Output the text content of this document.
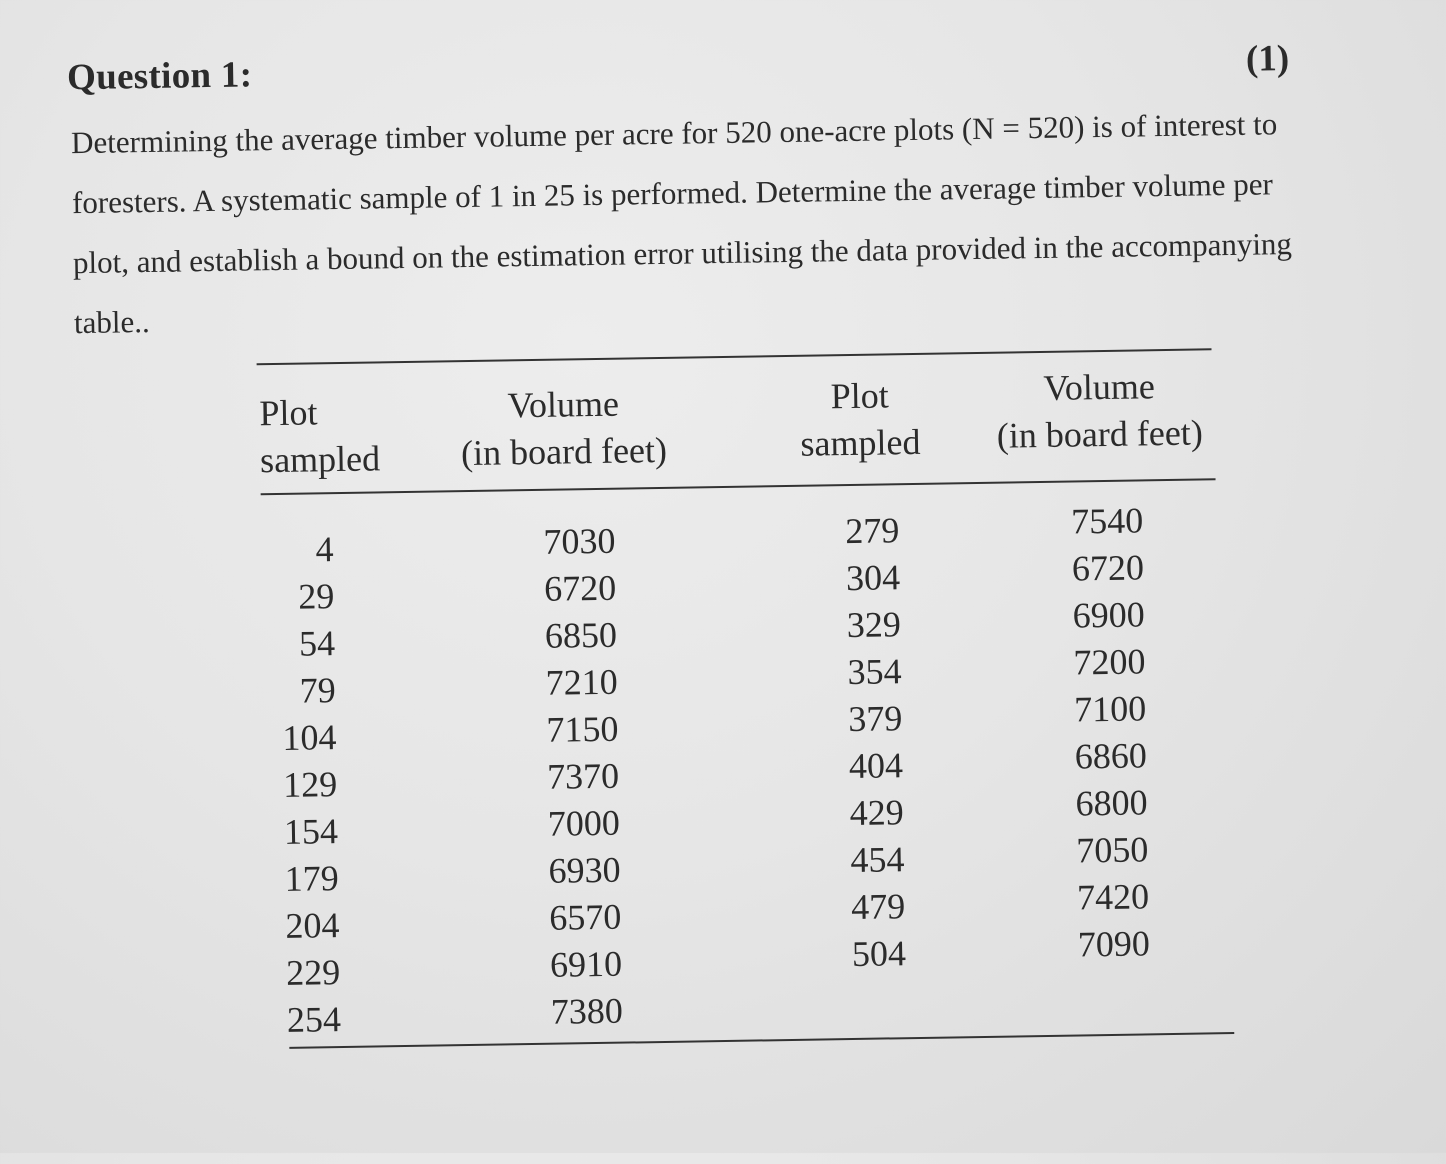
Question 1:	(1)

Determining the average timber volume per acre for 520 one-acre plots (N = 520) is of interest to
foresters. A systematic sample of 1 in 25 is performed. Determine the average timber volume per
plot, and establish a bound on the estimation error utilising the data provided in the accompanying
table..

Plot
sampled
Volume
(in board feet)
Plot
sampled
Volume
(in board feet)
4
29
54
79
104
129
154
179
204
229
254
7030
6720
6850
7210
7150
7370
7000
6930
6570
6910
7380
279
304
329
354
379
404
429
454
479
504
7540
6720
6900
7200
7100
6860
6800
7050
7420
7090
